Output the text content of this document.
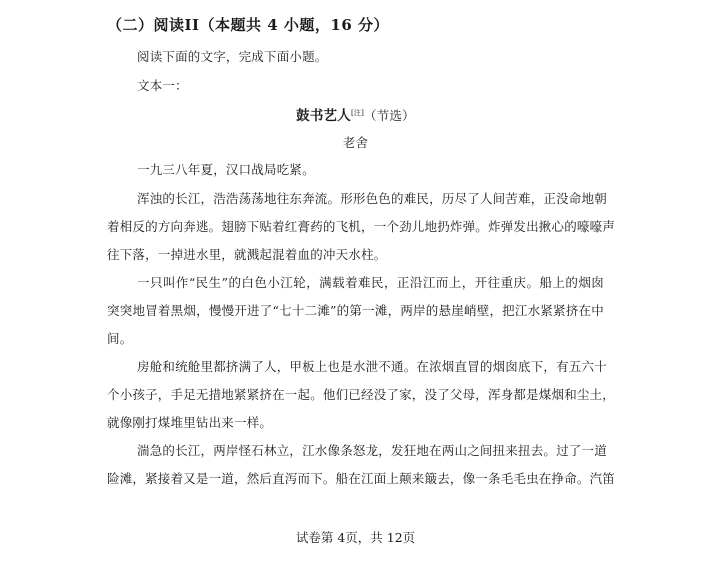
（二）阅读II（本题共 4 小题，16 分）
阅读下面的文字，完成下面小题。
文本一：
鼓书艺人[注]（节选）
老舍
一九三八年夏，汉口战局吃紧。
浑浊的长江，浩浩荡荡地往东奔流。形形色色的难民，历尽了人间苦难，正没命地朝
着相反的方向奔逃。翅膀下贴着红膏药的飞机，一个劲儿地扔炸弹。炸弹发出揪心的嚎嚎声
往下落，一掉进水里，就溅起混着血的冲天水柱。
一只叫作“民生”的白色小江轮，满载着难民，正沿江而上，开往重庆。船上的烟囱
突突地冒着黑烟，慢慢开进了“七十二滩”的第一滩，两岸的悬崖峭壁，把江水紧紧挤在中
间。
房舱和统舱里都挤满了人，甲板上也是水泄不通。在浓烟直冒的烟囱底下，有五六十
个小孩子，手足无措地紧紧挤在一起。他们已经没了家，没了父母，浑身都是煤烟和尘土，
就像刚打煤堆里钻出来一样。
湍急的长江，两岸怪石林立，江水像条怒龙，发狂地在两山之间扭来扭去。过了一道
险滩，紧接着又是一道，然后直泻而下。船在江面上颠来簸去，像一条毛毛虫在挣命。汽笛
试卷第 4页，共 12页
